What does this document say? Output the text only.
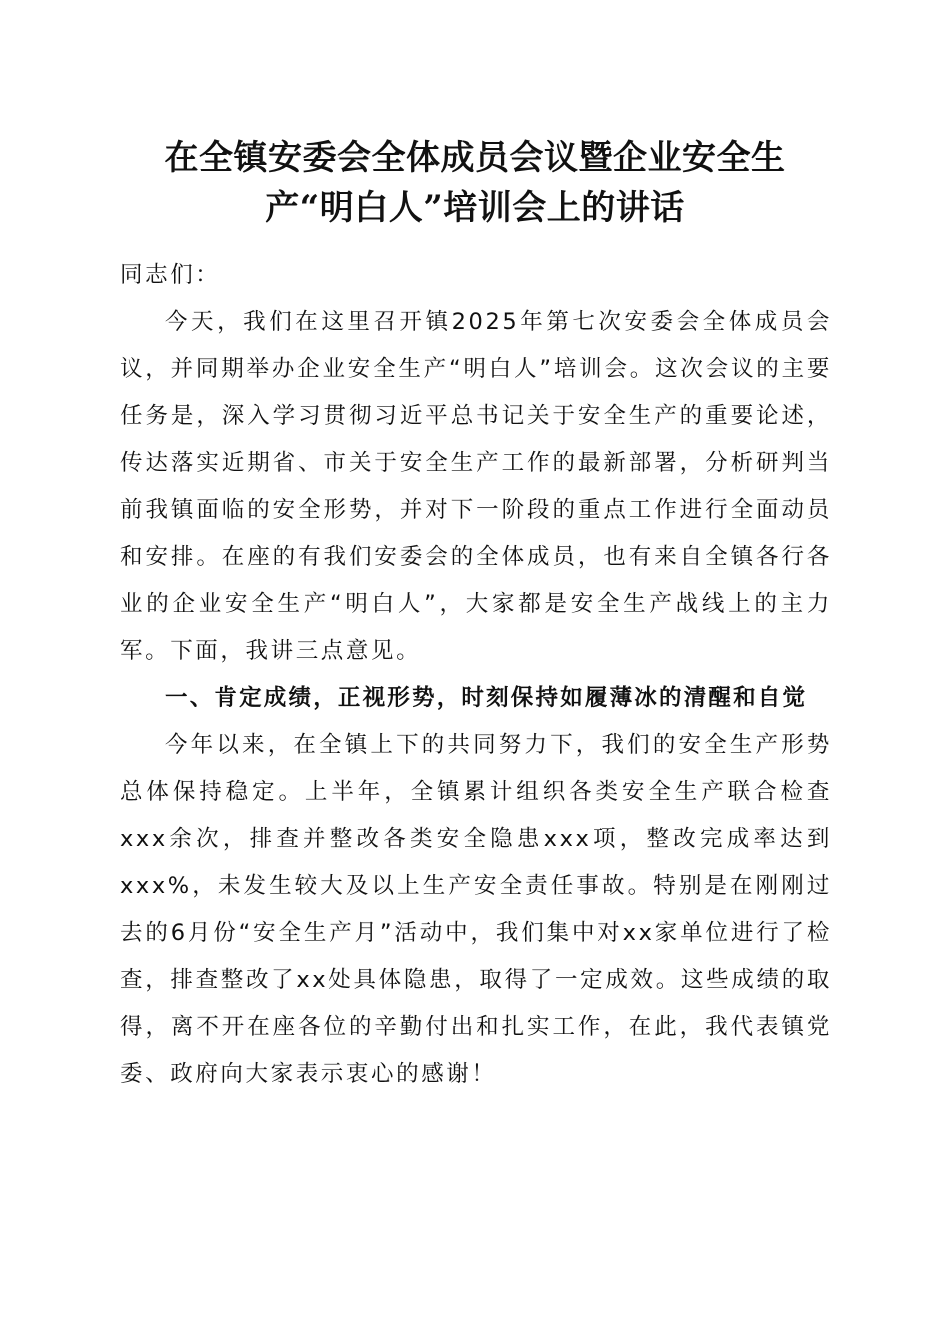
在全镇安委会全体成员会议暨企业安全生
产“明白人”培训会上的讲话

同志们：

今天，我们在这里召开镇2025年第七次安委会全体成员会议，并同期举办企业安全生产“明白人”培训会。这次会议的主要任务是，深入学习贯彻习近平总书记关于安全生产的重要论述，传达落实近期省、市关于安全生产工作的最新部署，分析研判当前我镇面临的安全形势，并对下一阶段的重点工作进行全面动员和安排。在座的有我们安委会的全体成员，也有来自全镇各行各业的企业安全生产“明白人”，大家都是安全生产战线上的主力军。下面，我讲三点意见。

一、肯定成绩，正视形势，时刻保持如履薄冰的清醒和自觉

今年以来，在全镇上下的共同努力下，我们的安全生产形势总体保持稳定。上半年，全镇累计组织各类安全生产联合检查xxx余次，排查并整改各类安全隐患xxx项，整改完成率达到xxx%，未发生较大及以上生产安全责任事故。特别是在刚刚过去的6月份“安全生产月”活动中，我们集中对xx家单位进行了检查，排查整改了xx处具体隐患，取得了一定成效。这些成绩的取得，离不开在座各位的辛勤付出和扎实工作，在此，我代表镇党委、政府向大家表示衷心的感谢！
